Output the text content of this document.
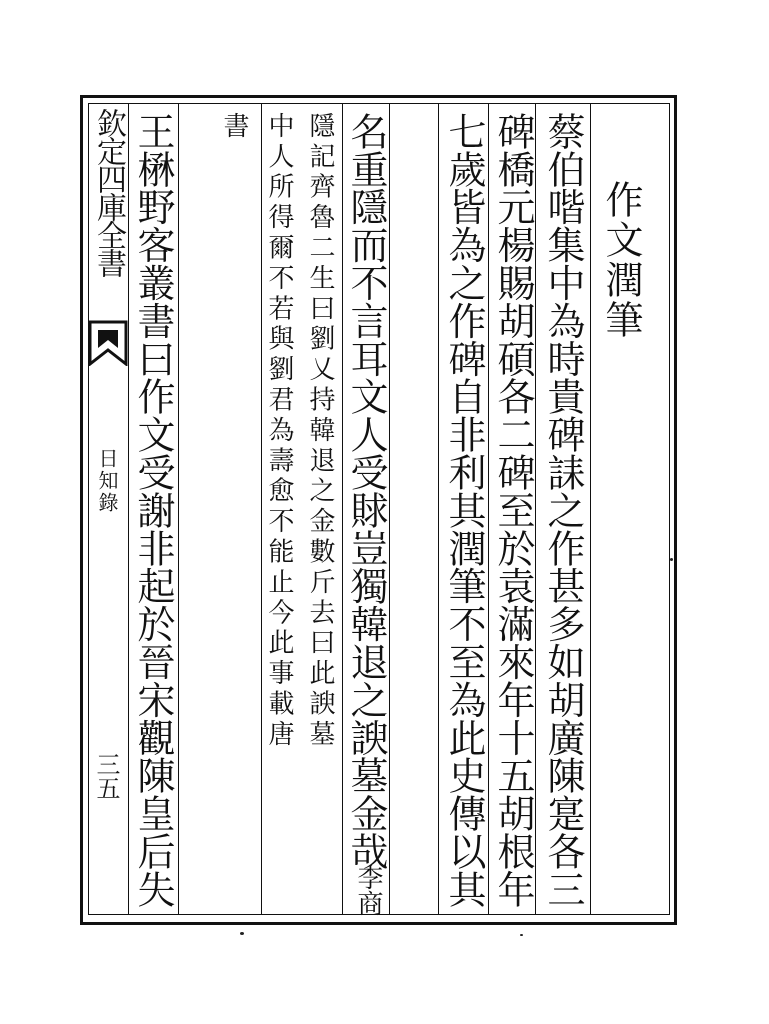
欽定四庫全書
日知錄
三五
作文潤筆
蔡伯喈集中為時貴碑誄之作甚多如胡廣陳寔各三
碑橋元楊賜胡碩各二碑至於袁滿來年十五胡根年
七歲皆為之作碑自非利其潤筆不至為此史傳以其
名重隱而不言耳文人受賕豈獨韓退之諛墓金哉
李商
隱記齊魯二生曰劉乂持韓退之金數斤去曰此諛墓
中人所得爾不若與劉君為壽愈不能止今此事載唐
書
王楙野客叢書曰作文受謝非起於晉宋觀陳皇后失
